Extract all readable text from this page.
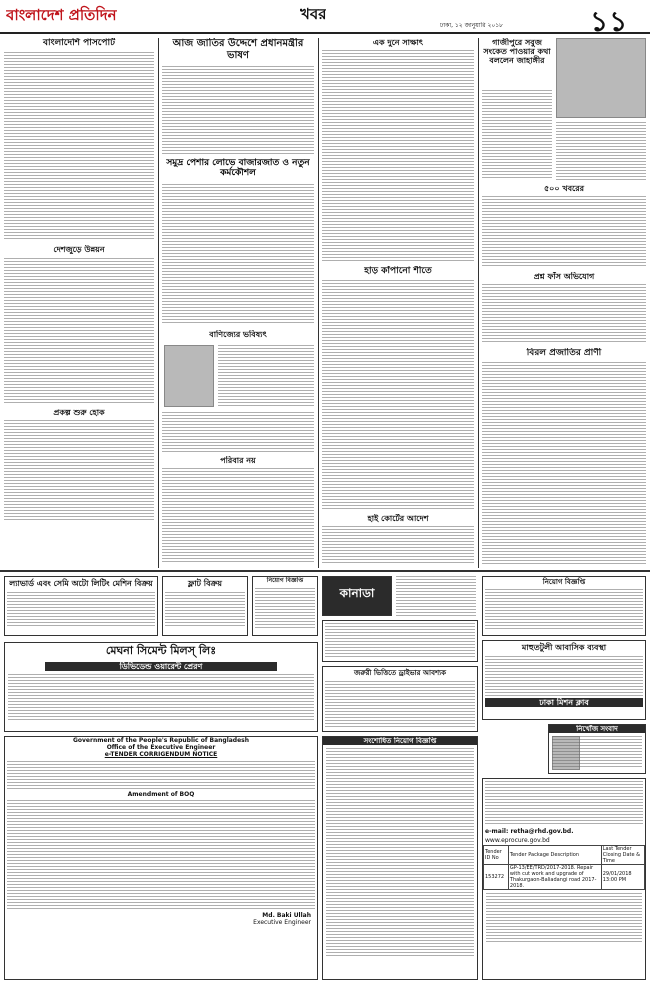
বাংলাদেশ প্রতিদিন	খবর
ঢাকা, ১২ জানুয়ারি ২০১৮	১১
বাংলাদেশি পাসপোর্ট
দেশজুড়ে উন্নয়ন
প্রকল্প শুরু হোক
আজ জাতির উদ্দেশে প্রধানমন্ত্রীর ভাষণ
সমুদ্র পেশার লোভে বাজারজাত ও নতুন কর্মকৌশল
বাণিজ্যের ভবিষ্যৎ
পরিবার নয়
এক দুনে সাক্ষাৎ
হাড় কাঁপানো শীতে
হাই কোর্টের আদেশ
গাজীপুরে সবুজ সংকেত পাওয়ার কথা বললেন জাহাঙ্গীর
৫০০ খবরের
প্রশ্ন ফাঁস অভিযোগ
বিরল প্রজাতির প্রাণী
ল্যাভার্ড এবং সেমি অটো লিটিং মেশিন বিক্রয়	ফ্লাট বিক্রয়	নিয়োগ বিজ্ঞপ্তি
কানাডা
নিয়োগ বিজ্ঞপ্তি
মেঘনা সিমেন্ট মিলস্ লিঃ
ডিভিডেন্ড ওয়ারেন্ট প্রেরণ
জরুরী ভিত্তিতে ড্রাইভার আবশ্যক
মাহুতটুলী আবাসিক ব্যবস্থা
ঢাকা মিশন ক্লাব
নিখোঁজ সংবাদ
Government of the People's Republic of Bangladesh
Office of the Executive Engineer
e-TENDER CORRIGENDUM NOTICE
Amendment of BOQ
Md. Baki Ullah
Executive Engineer
সংশোধিত নিয়োগ বিজ্ঞপ্তি
e-mail: retha@rhd.gov.bd.
www.eprocure.gov.bd
Tender ID No	Tender Package Description	Last Tender Closing Date & Time
153272	GP-13/EE/TRD/2017-2018. Repair with cut work and upgrade of Thakurgaon-Baliadangi road 2017-2018.	29/01/2018 13:00 PM
